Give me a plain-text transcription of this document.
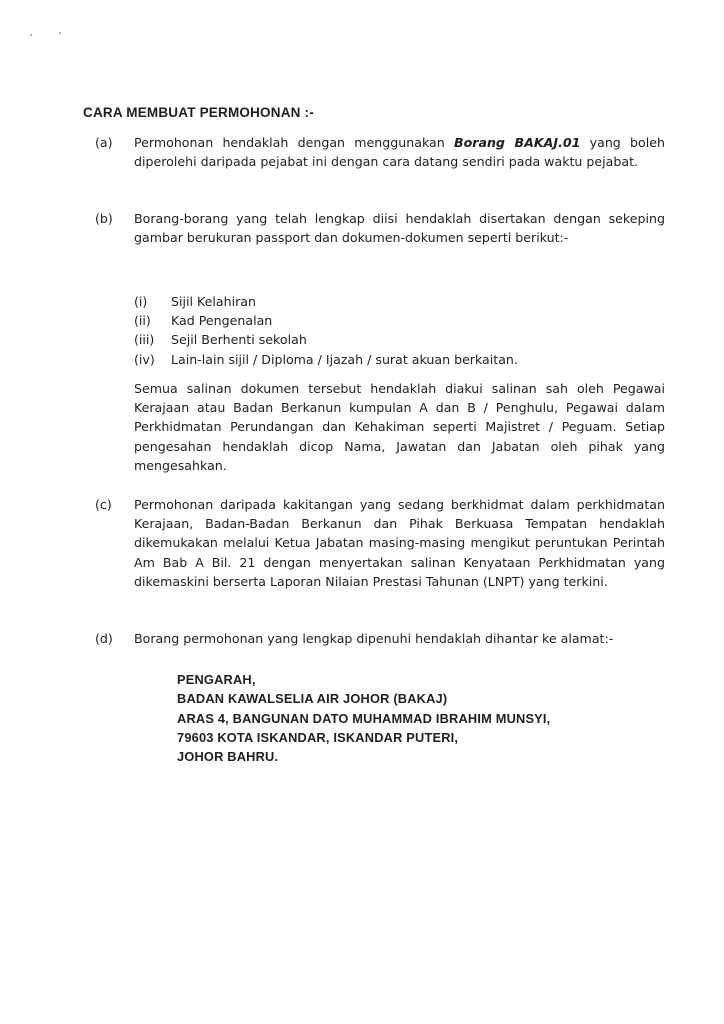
CARA MEMBUAT PERMOHONAN :-
(a)	Permohonan hendaklah dengan menggunakan Borang BAKAJ.01 yang boleh diperolehi daripada pejabat ini dengan cara datang sendiri pada waktu pejabat.
(b)	Borang-borang yang telah lengkap diisi hendaklah disertakan dengan sekeping gambar berukuran passport dan dokumen-dokumen seperti berikut:-
(i)	Sijil Kelahiran
(ii)	Kad Pengenalan
(iii)	Sejil Berhenti sekolah
(iv)	Lain-lain sijil / Diploma / Ijazah / surat akuan berkaitan.
Semua salinan dokumen tersebut hendaklah diakui salinan sah oleh Pegawai Kerajaan atau Badan Berkanun kumpulan A dan B / Penghulu, Pegawai dalam Perkhidmatan Perundangan dan Kehakiman seperti Majistret / Peguam. Setiap pengesahan hendaklah dicop Nama, Jawatan dan Jabatan oleh pihak yang mengesahkan.
(c)	Permohonan daripada kakitangan yang sedang berkhidmat dalam perkhidmatan Kerajaan, Badan-Badan Berkanun dan Pihak Berkuasa Tempatan hendaklah dikemukakan melalui Ketua Jabatan masing-masing mengikut peruntukan Perintah Am Bab A Bil. 21 dengan menyertakan salinan Kenyataan Perkhidmatan yang dikemaskini berserta Laporan Nilaian Prestasi Tahunan (LNPT) yang terkini.
(d)	Borang permohonan yang lengkap dipenuhi hendaklah dihantar ke alamat:-
PENGARAH,
BADAN KAWALSELIA AIR JOHOR (BAKAJ)
ARAS 4, BANGUNAN DATO MUHAMMAD IBRAHIM MUNSYI,
79603 KOTA ISKANDAR, ISKANDAR PUTERI,
JOHOR BAHRU.
